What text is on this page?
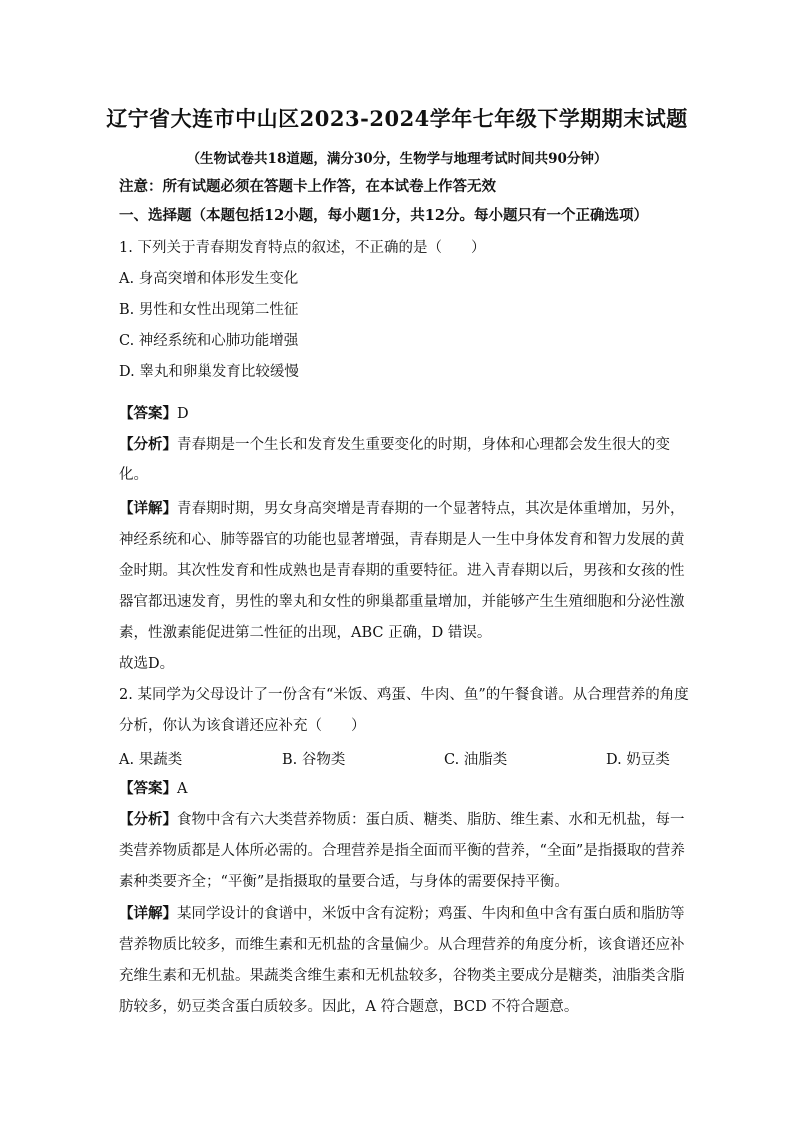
辽宁省大连市中山区2023-2024学年七年级下学期期末试题
（生物试卷共18道题，满分30分，生物学与地理考试时间共90分钟）
注意：所有试题必须在答题卡上作答，在本试卷上作答无效
一、选择题（本题包括12小题，每小题1分，共12分。每小题只有一个正确选项）
1. 下列关于青春期发育特点的叙述，不正确的是（　　）
A. 身高突增和体形发生变化
B. 男性和女性出现第二性征
C. 神经系统和心肺功能增强
D. 睾丸和卵巢发育比较缓慢
【答案】D
【分析】青春期是一个生长和发育发生重要变化的时期，身体和心理都会发生很大的变
化。
【详解】青春期时期，男女身高突增是青春期的一个显著特点，其次是体重增加，另外，
神经系统和心、肺等器官的功能也显著增强，青春期是人一生中身体发育和智力发展的黄
金时期。其次性发育和性成熟也是青春期的重要特征。进入青春期以后，男孩和女孩的性
器官都迅速发育，男性的睾丸和女性的卵巢都重量增加，并能够产生生殖细胞和分泌性激
素，性激素能促进第二性征的出现，ABC 正确，D 错误。
故选D。
2. 某同学为父母设计了一份含有“米饭、鸡蛋、牛肉、鱼”的午餐食谱。从合理营养的角度
分析，你认为该食谱还应补充（　　）
A. 果蔬类	B. 谷物类	C. 油脂类	D. 奶豆类
【答案】A
【分析】食物中含有六大类营养物质：蛋白质、糖类、脂肪、维生素、水和无机盐，每一
类营养物质都是人体所必需的。合理营养是指全面而平衡的营养，“全面”是指摄取的营养
素种类要齐全；“平衡”是指摄取的量要合适，与身体的需要保持平衡。
【详解】某同学设计的食谱中，米饭中含有淀粉；鸡蛋、牛肉和鱼中含有蛋白质和脂肪等
营养物质比较多，而维生素和无机盐的含量偏少。从合理营养的角度分析，该食谱还应补
充维生素和无机盐。果蔬类含维生素和无机盐较多，谷物类主要成分是糖类，油脂类含脂
肪较多，奶豆类含蛋白质较多。因此，A 符合题意，BCD 不符合题意。
